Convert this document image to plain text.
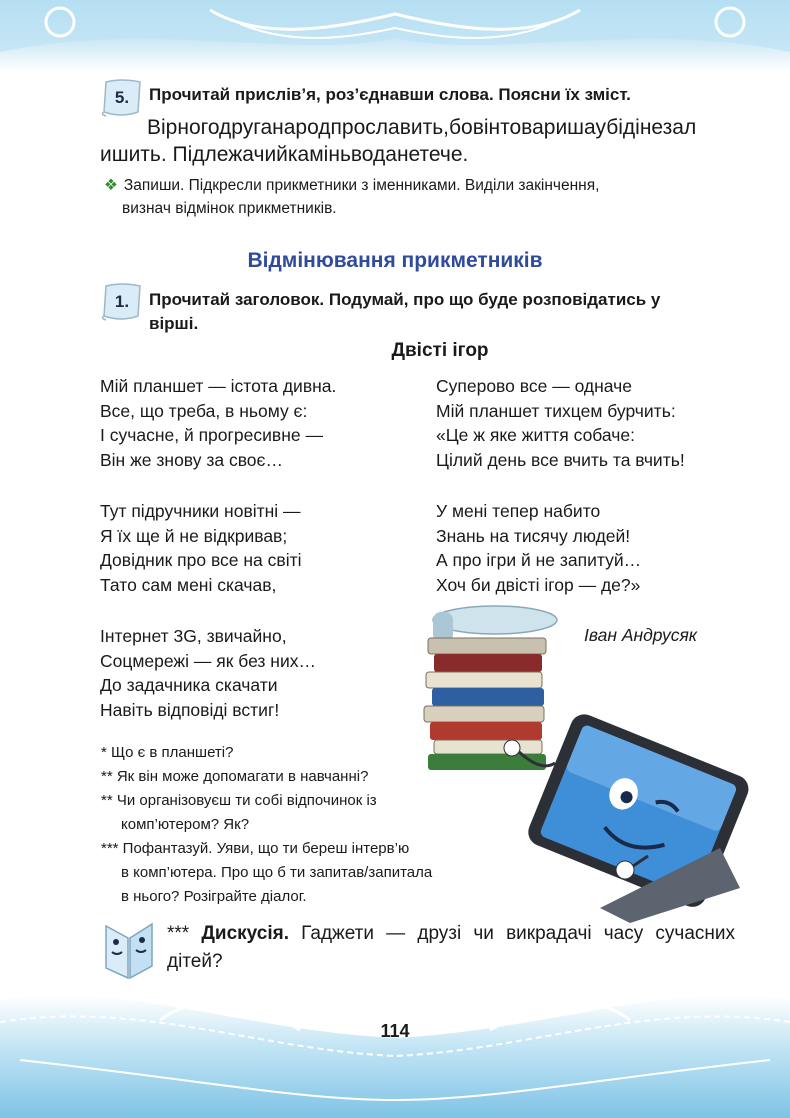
5.	Прочитай прислів’я, роз’єднавши слова. Поясни їх зміст.
Вірногодруганародпрославить,бовінтоваришаубідінезал
ишить. Підлежачийкаміньводанетече.
❖ Запиши. Підкресли прикметники з іменниками. Виділи закінчення,
визнач відмінок прикметників.
Відмінювання прикметників
1.	Прочитай заголовок. Подумай, про що буде розповідатись у
вірші.
Двісті ігор
Мій планшет — істота дивна.
Все, що треба, в ньому є:
І сучасне, й прогресивне —
Він же знову за своє…
Тут підручники новітні —
Я їх ще й не відкривав;
Довідник про все на світі
Тато сам мені скачав,
Інтернет 3G, звичайно,
Соцмережі — як без них…
До задачника скачати
Навіть відповіді встиг!
Суперово все — одначе
Мій планшет тихцем бурчить:
«Це ж яке життя собаче:
Цілий день все вчить та вчить!
У мені тепер набито
Знань на тисячу людей!
А про ігри й не запитуй…
Хоч би двісті ігор — де?»
Іван Андрусяк
* Що є в планшеті?
** Як він може допомагати в навчанні?
** Чи організовуєш ти собі відпочинок із
комп’ютером? Як?
*** Пофантазуй. Уяви, що ти береш інтерв’ю
в комп’ютера. Про що б ти запитав/запитала
в нього? Розіграйте діалог.
*** Дискусія. Гаджети — друзі чи викрадачі часу сучасних дітей?
114
